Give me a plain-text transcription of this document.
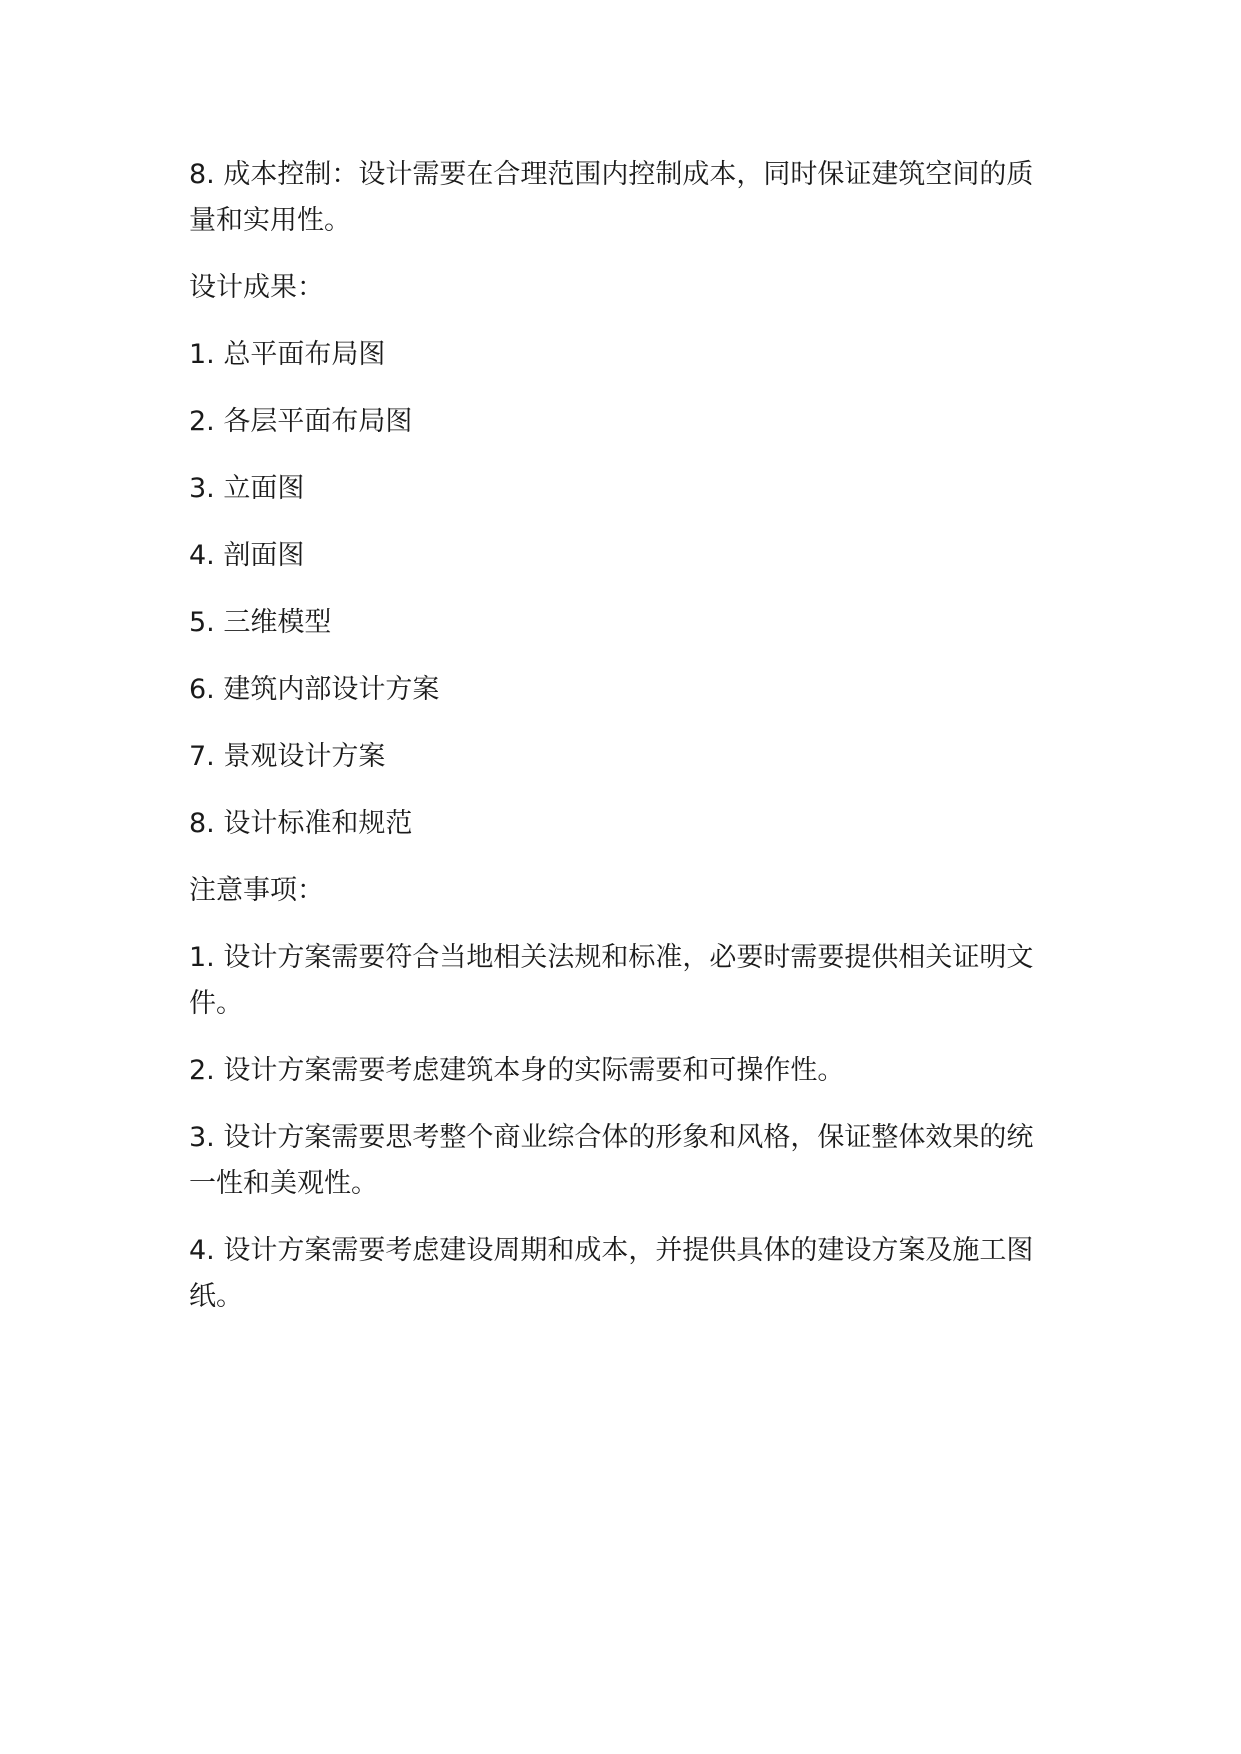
8. 成本控制：设计需要在合理范围内控制成本，同时保证建筑空间的质量和实用性。

设计成果：

1. 总平面布局图

2. 各层平面布局图

3. 立面图

4. 剖面图

5. 三维模型

6. 建筑内部设计方案

7. 景观设计方案

8. 设计标准和规范

注意事项：

1. 设计方案需要符合当地相关法规和标准，必要时需要提供相关证明文件。

2. 设计方案需要考虑建筑本身的实际需要和可操作性。

3. 设计方案需要思考整个商业综合体的形象和风格，保证整体效果的统一性和美观性。

4. 设计方案需要考虑建设周期和成本，并提供具体的建设方案及施工图纸。
